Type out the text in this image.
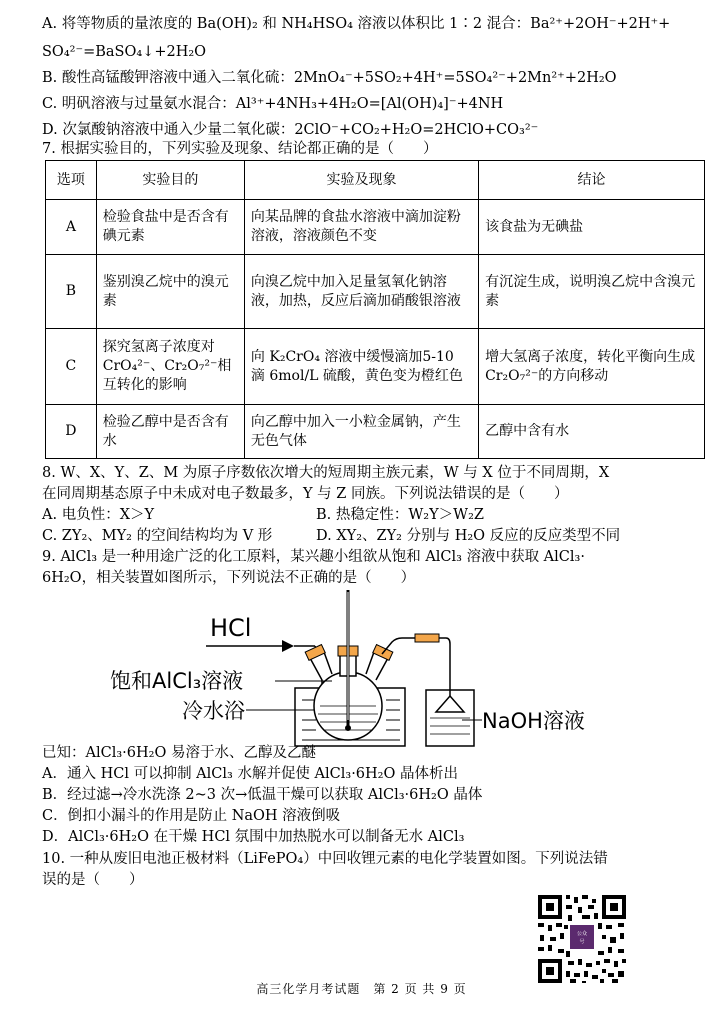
A. 将等物质的量浓度的 Ba(OH)₂ 和 NH₄HSO₄ 溶液以体积比 1∶2 混合：Ba²⁺+2OH⁻+2H⁺+
SO₄²⁻=BaSO₄↓+2H₂O
B. 酸性高锰酸钾溶液中通入二氧化硫：2MnO₄⁻+5SO₂+4H⁺=5SO₄²⁻+2Mn²⁺+2H₂O
C. 明矾溶液与过量氨水混合：Al³⁺+4NH₃+4H₂O=[Al(OH)₄]⁻+4NH
D. 次氯酸钠溶液中通入少量二氧化碳：2ClO⁻+CO₂+H₂O=2HClO+CO₃²⁻
7. 根据实验目的，下列实验及现象、结论都正确的是（　　）
选项	实验目的	实验及现象	结论
A	检验食盐中是否含有碘元素	向某品牌的食盐水溶液中滴加淀粉溶液，溶液颜色不变	该食盐为无碘盐
B	鉴别溴乙烷中的溴元素	向溴乙烷中加入足量氢氧化钠溶液，加热，反应后滴加硝酸银溶液	有沉淀生成，说明溴乙烷中含溴元素
C	探究氢离子浓度对CrO₄²⁻、Cr₂O₇²⁻相互转化的影响	向 K₂CrO₄ 溶液中缓慢滴加5-10 滴 6mol/L 硫酸，黄色变为橙红色	增大氢离子浓度，转化平衡向生成 Cr₂O₇²⁻的方向移动
D	检验乙醇中是否含有水	向乙醇中加入一小粒金属钠，产生无色气体	乙醇中含有水
8. W、X、Y、Z、M 为原子序数依次增大的短周期主族元素，W 与 X 位于不同周期，X
在同周期基态原子中未成对电子数最多，Y 与 Z 同族。下列说法错误的是（　　）
A. 电负性：X＞Y	B. 热稳定性：W₂Y＞W₂Z
C. ZY₂、MY₂ 的空间结构均为 V 形	D. XY₂、ZY₂ 分别与 H₂O 反应的反应类型不同
9. AlCl₃ 是一种用途广泛的化工原料，某兴趣小组欲从饱和 AlCl₃ 溶液中获取 AlCl₃·
6H₂O，相关装置如图所示，下列说法不正确的是（　　）
HCl
饱和AlCl₃溶液
冷水浴	NaOH溶液
已知：AlCl₃·6H₂O 易溶于水、乙醇及乙醚
A．通入 HCl 可以抑制 AlCl₃ 水解并促使 AlCl₃·6H₂O 晶体析出
B．经过滤→冷水洗涤 2~3 次→低温干燥可以获取 AlCl₃·6H₂O 晶体
C．倒扣小漏斗的作用是防止 NaOH 溶液倒吸
D．AlCl₃·6H₂O 在干燥 HCl 氛围中加热脱水可以制备无水 AlCl₃
10. 一种从废旧电池正极材料（LiFePO₄）中回收锂元素的电化学装置如图。下列说法错
误的是（　　）
公众
号
高三化学月考试题　第 2 页 共 9 页
